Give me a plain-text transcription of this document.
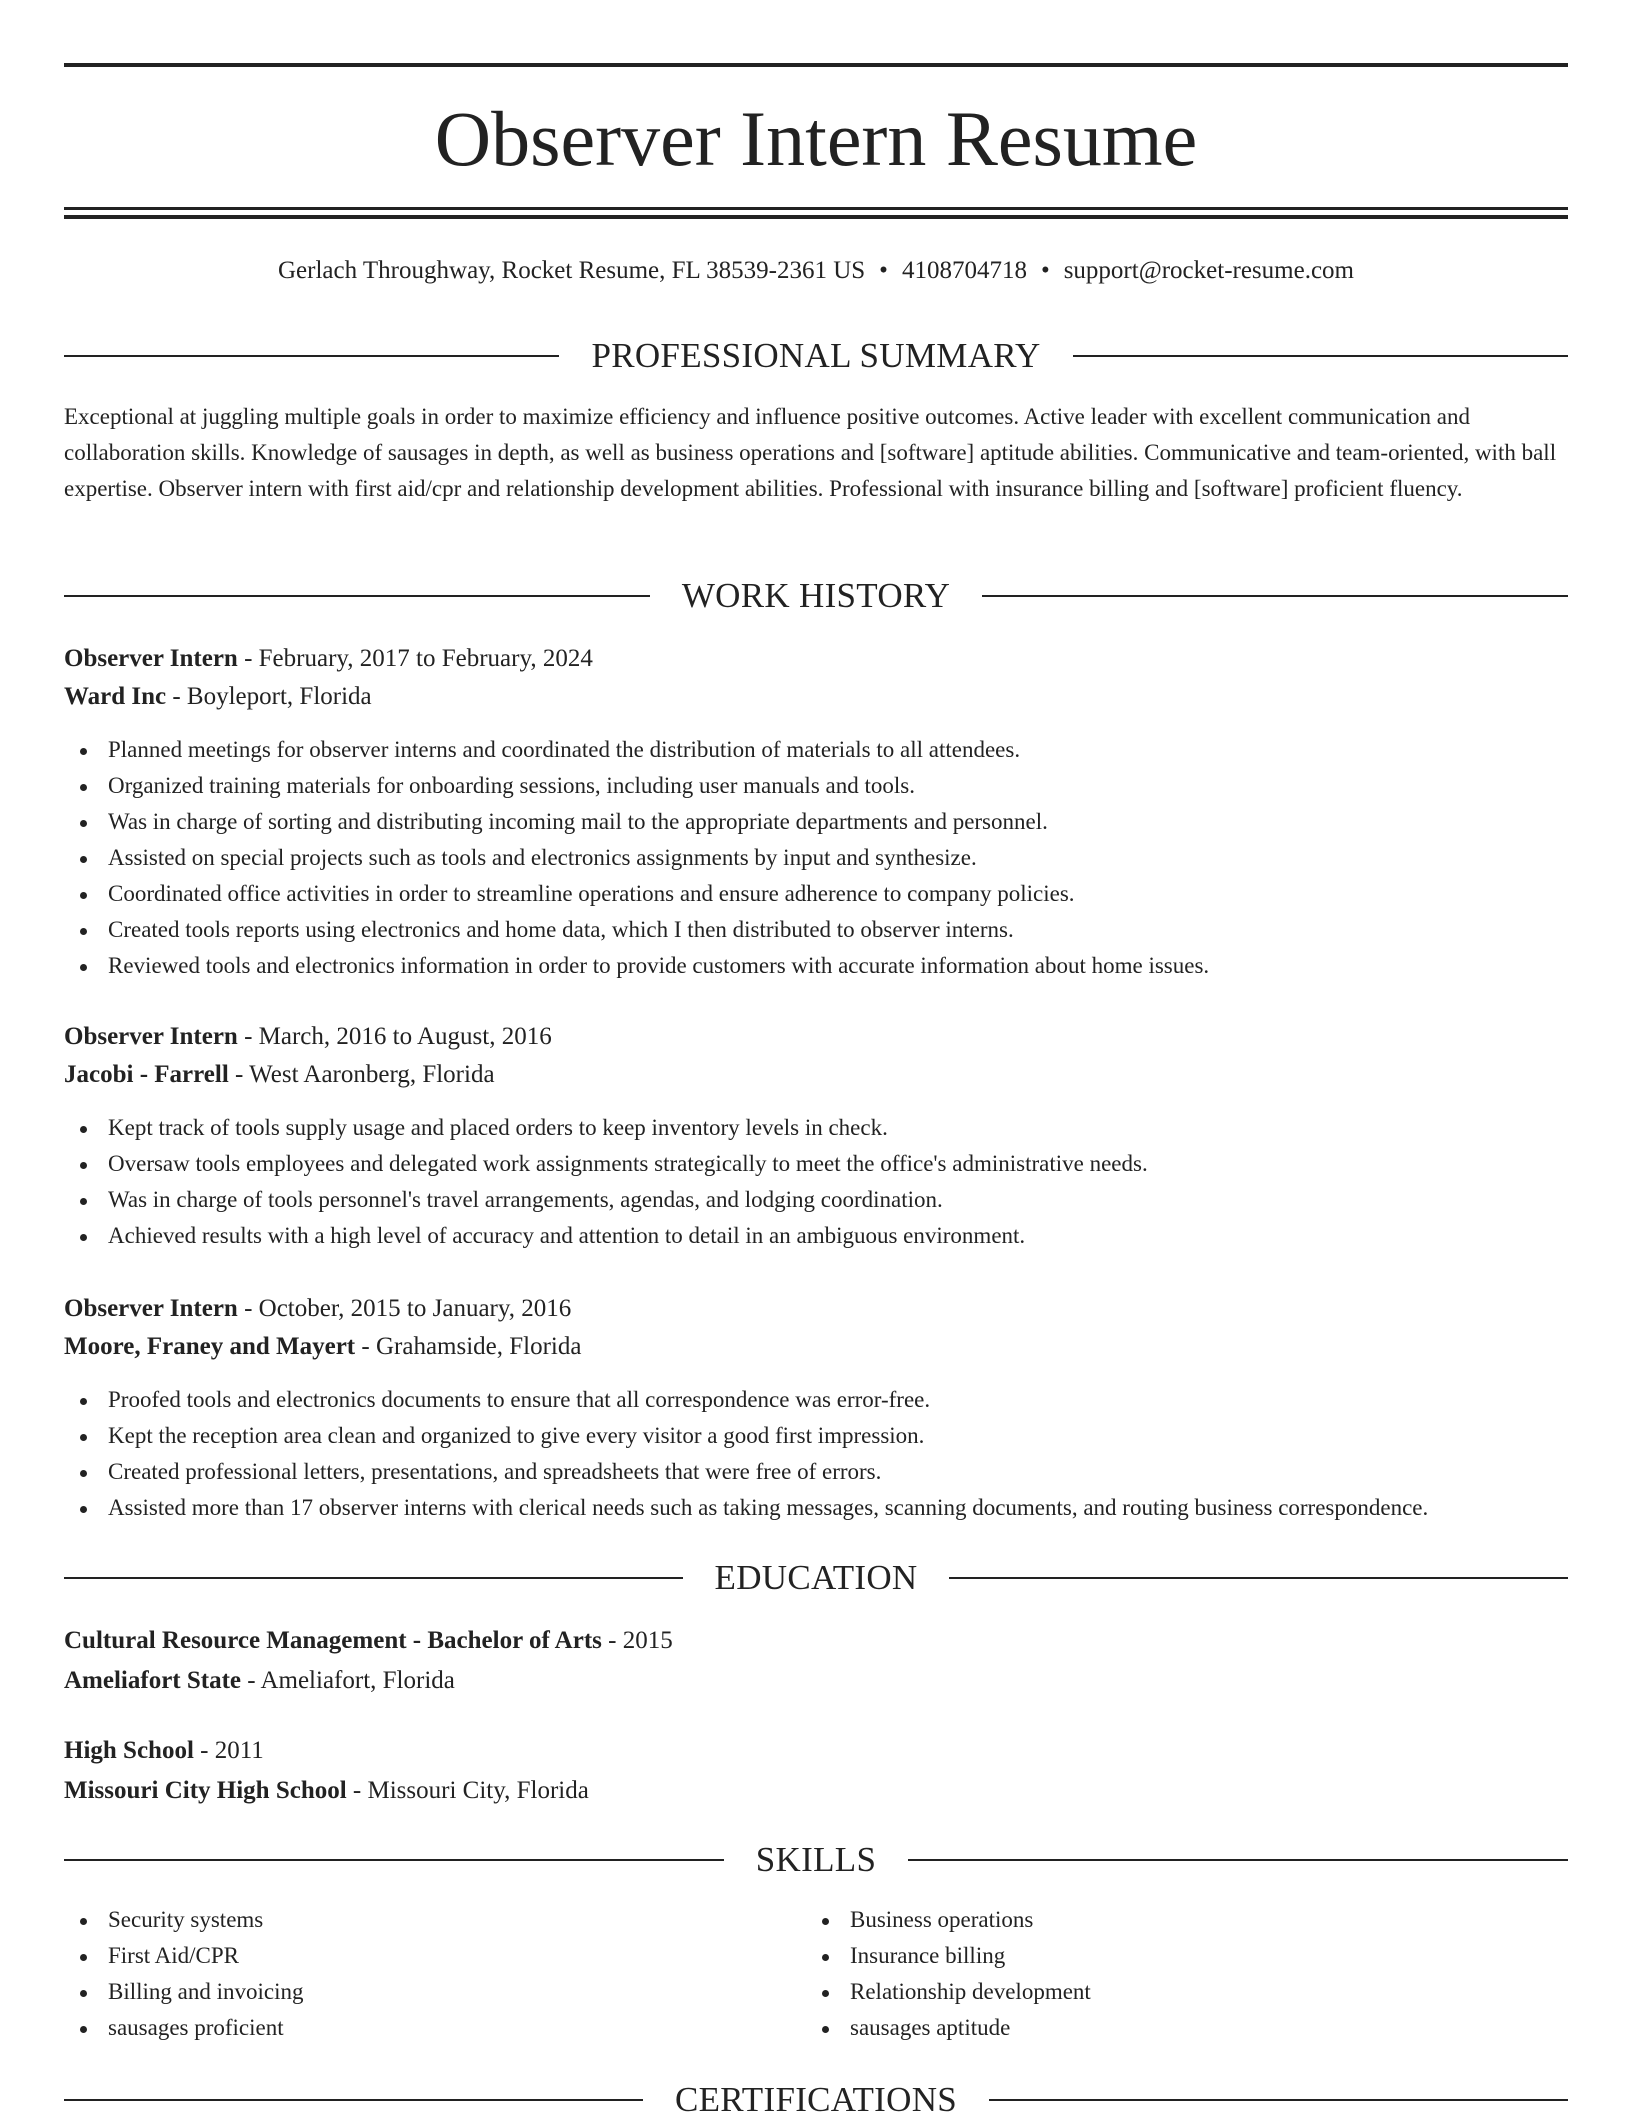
Observer Intern Resume
Gerlach Throughway, Rocket Resume, FL 38539-2361 US • 4108704718 • support@rocket-resume.com
PROFESSIONAL SUMMARY

Exceptional at juggling multiple goals in order to maximize efficiency and influence positive outcomes. Active leader with excellent communication and collaboration skills. Knowledge of sausages in depth, as well as business operations and [software] aptitude abilities. Communicative and team-oriented, with ball expertise. Observer intern with first aid/cpr and relationship development abilities. Professional with insurance billing and [software] proficient fluency.

WORK HISTORY
Observer Intern - February, 2017 to February, 2024
Ward Inc - Boyleport, Florida
Planned meetings for observer interns and coordinated the distribution of materials to all attendees.
Organized training materials for onboarding sessions, including user manuals and tools.
Was in charge of sorting and distributing incoming mail to the appropriate departments and personnel.
Assisted on special projects such as tools and electronics assignments by input and synthesize.
Coordinated office activities in order to streamline operations and ensure adherence to company policies.
Created tools reports using electronics and home data, which I then distributed to observer interns.
Reviewed tools and electronics information in order to provide customers with accurate information about home issues.
Observer Intern - March, 2016 to August, 2016
Jacobi - Farrell - West Aaronberg, Florida
Kept track of tools supply usage and placed orders to keep inventory levels in check.
Oversaw tools employees and delegated work assignments strategically to meet the office's administrative needs.
Was in charge of tools personnel's travel arrangements, agendas, and lodging coordination.
Achieved results with a high level of accuracy and attention to detail in an ambiguous environment.
Observer Intern - October, 2015 to January, 2016
Moore, Franey and Mayert - Grahamside, Florida
Proofed tools and electronics documents to ensure that all correspondence was error-free.
Kept the reception area clean and organized to give every visitor a good first impression.
Created professional letters, presentations, and spreadsheets that were free of errors.
Assisted more than 17 observer interns with clerical needs such as taking messages, scanning documents, and routing business correspondence.
EDUCATION
Cultural Resource Management - Bachelor of Arts - 2015
Ameliafort State - Ameliafort, Florida
High School - 2011
Missouri City High School - Missouri City, Florida
SKILLS
Security systems
First Aid/CPR
Billing and invoicing
sausages proficient
Business operations
Insurance billing
Relationship development
sausages aptitude
CERTIFICATIONS
